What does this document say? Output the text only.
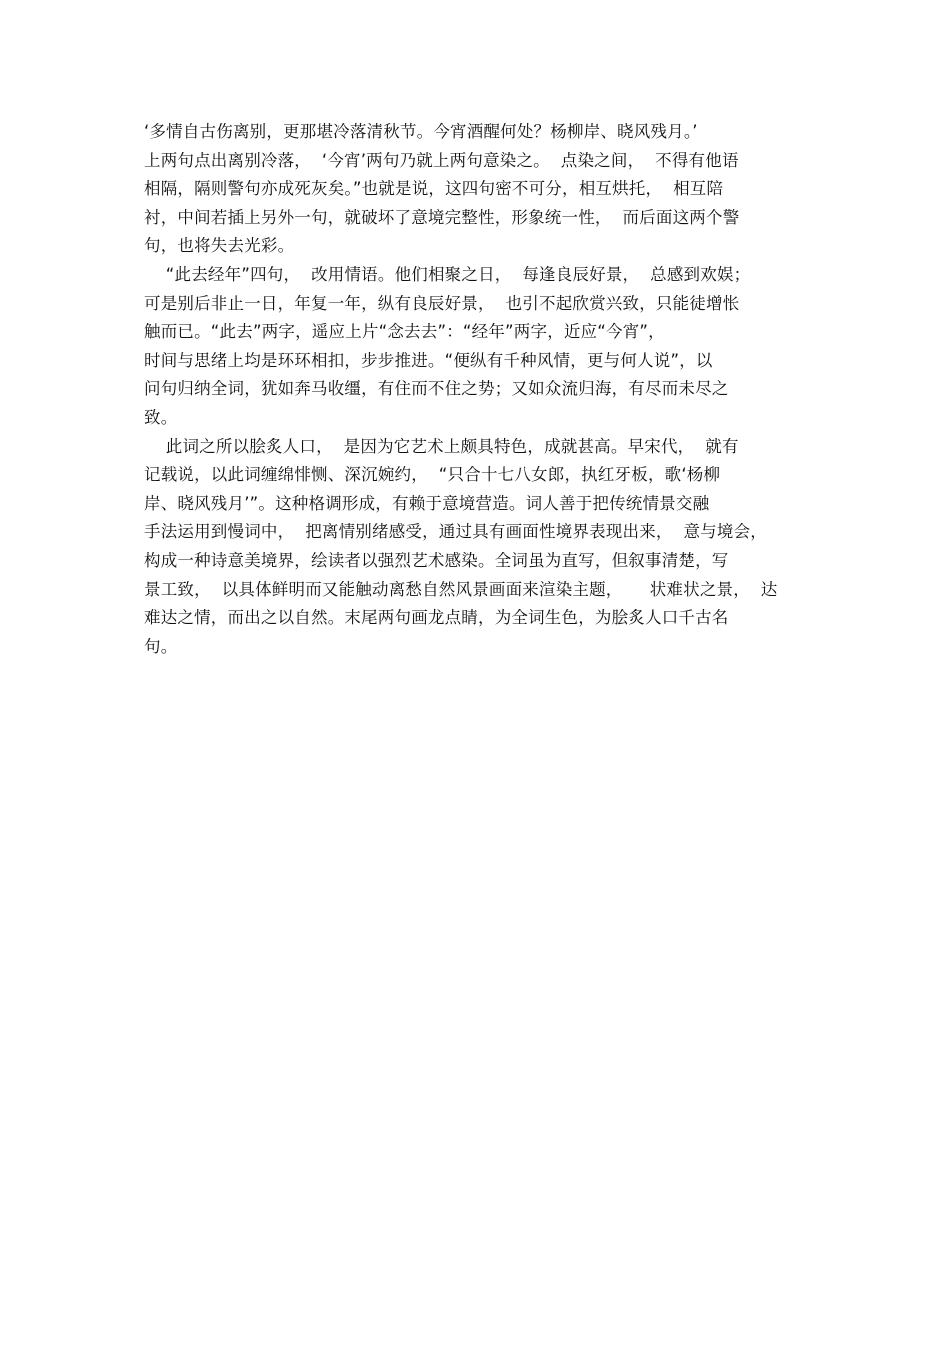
‘多情自古伤离别，更那堪冷落清秋节。今宵酒醒何处？杨柳岸、晓风残月。’
上两句点出离别冷落，  ‘今宵’两句乃就上两句意染之。  点染之间，  不得有他语
相隔，隔则警句亦成死灰矣。”也就是说，这四句密不可分，相互烘托，  相互陪
衬，中间若插上另外一句，就破坏了意境完整性，形象统一性，  而后面这两个警
句，也将失去光彩。
“此去经年”四句，  改用情语。他们相聚之日，  每逢良辰好景，  总感到欢娱；
可是别后非止一日，年复一年，纵有良辰好景，  也引不起欣赏兴致，只能徒增怅
触而已。“此去”两字，遥应上片“念去去”：“经年”两字，近应“今宵”，
时间与思绪上均是环环相扣，步步推进。“便纵有千种风情，更与何人说”，以
问句归纳全词，犹如奔马收缰，有住而不住之势；又如众流归海，有尽而未尽之
致。
此词之所以脍炙人口，  是因为它艺术上颇具特色，成就甚高。早宋代，  就有
记载说，以此词缠绵悱恻、深沉婉约，  “只合十七八女郎，执红牙板，歌‘杨柳
岸、晓风残月’”。这种格调形成，有赖于意境营造。词人善于把传统情景交融
手法运用到慢词中，  把离情别绪感受，通过具有画面性境界表现出来，  意与境会，
构成一种诗意美境界，绘读者以强烈艺术感染。全词虽为直写，但叙事清楚，写
景工致，  以具体鲜明而又能触动离愁自然风景画面来渲染主题，     状难状之景，  达
难达之情，而出之以自然。末尾两句画龙点睛，为全词生色，为脍炙人口千古名
句。
